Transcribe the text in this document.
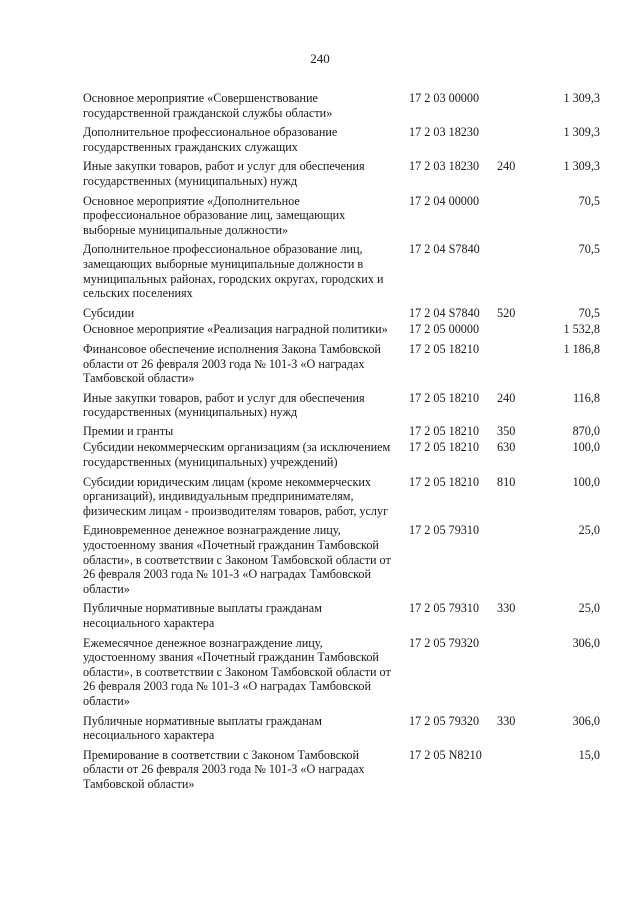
240
Основное мероприятие «Совершенствование государственной гражданской службы области»
17 2 03 00000	1 309,3
Дополнительное профессиональное образование государственных гражданских служащих
17 2 03 18230	1 309,3
Иные закупки товаров, работ и услуг для обеспечения государственных (муниципальных) нужд
17 2 03 18230 240	1 309,3
Основное мероприятие «Дополнительное профессиональное образование лиц, замещающих выборные муниципальные должности»
17 2 04 00000	70,5
Дополнительное профессиональное образование лиц, замещающих выборные муниципальные должности в муниципальных районах, городских округах, городских и сельских поселениях
17 2 04 S7840	70,5
Субсидии	17 2 04 S7840 520	70,5
Основное мероприятие «Реализация наградной политики»	17 2 05 00000	1 532,8
Финансовое обеспечение исполнения Закона Тамбовской области от 26 февраля 2003 года № 101-З «О наградах Тамбовской области»
17 2 05 18210	1 186,8
Иные закупки товаров, работ и услуг для обеспечения государственных (муниципальных) нужд
17 2 05 18210 240	116,8
Премии и гранты	17 2 05 18210 350	870,0
Субсидии некоммерческим организациям (за исключением государственных (муниципальных) учреждений)
17 2 05 18210 630	100,0
Субсидии юридическим лицам (кроме некоммерческих организаций), индивидуальным предпринимателям, физическим лицам - производителям товаров, работ, услуг
17 2 05 18210 810	100,0
Единовременное денежное вознаграждение лицу, удостоенному звания «Почетный гражданин Тамбовской области», в соответствии с Законом Тамбовской области от 26 февраля 2003 года № 101-З «О наградах Тамбовской области»
17 2 05 79310	25,0
Публичные нормативные выплаты гражданам несоциального характера
17 2 05 79310 330	25,0
Ежемесячное денежное вознаграждение лицу, удостоенному звания «Почетный гражданин Тамбовской области», в соответствии с Законом Тамбовской области от 26 февраля 2003 года № 101-З «О наградах Тамбовской области»
17 2 05 79320	306,0
Публичные нормативные выплаты гражданам несоциального характера
17 2 05 79320 330	306,0
Премирование в соответствии с Законом Тамбовской области от 26 февраля 2003 года № 101-З «О наградах Тамбовской области»
17 2 05 N8210	15,0
